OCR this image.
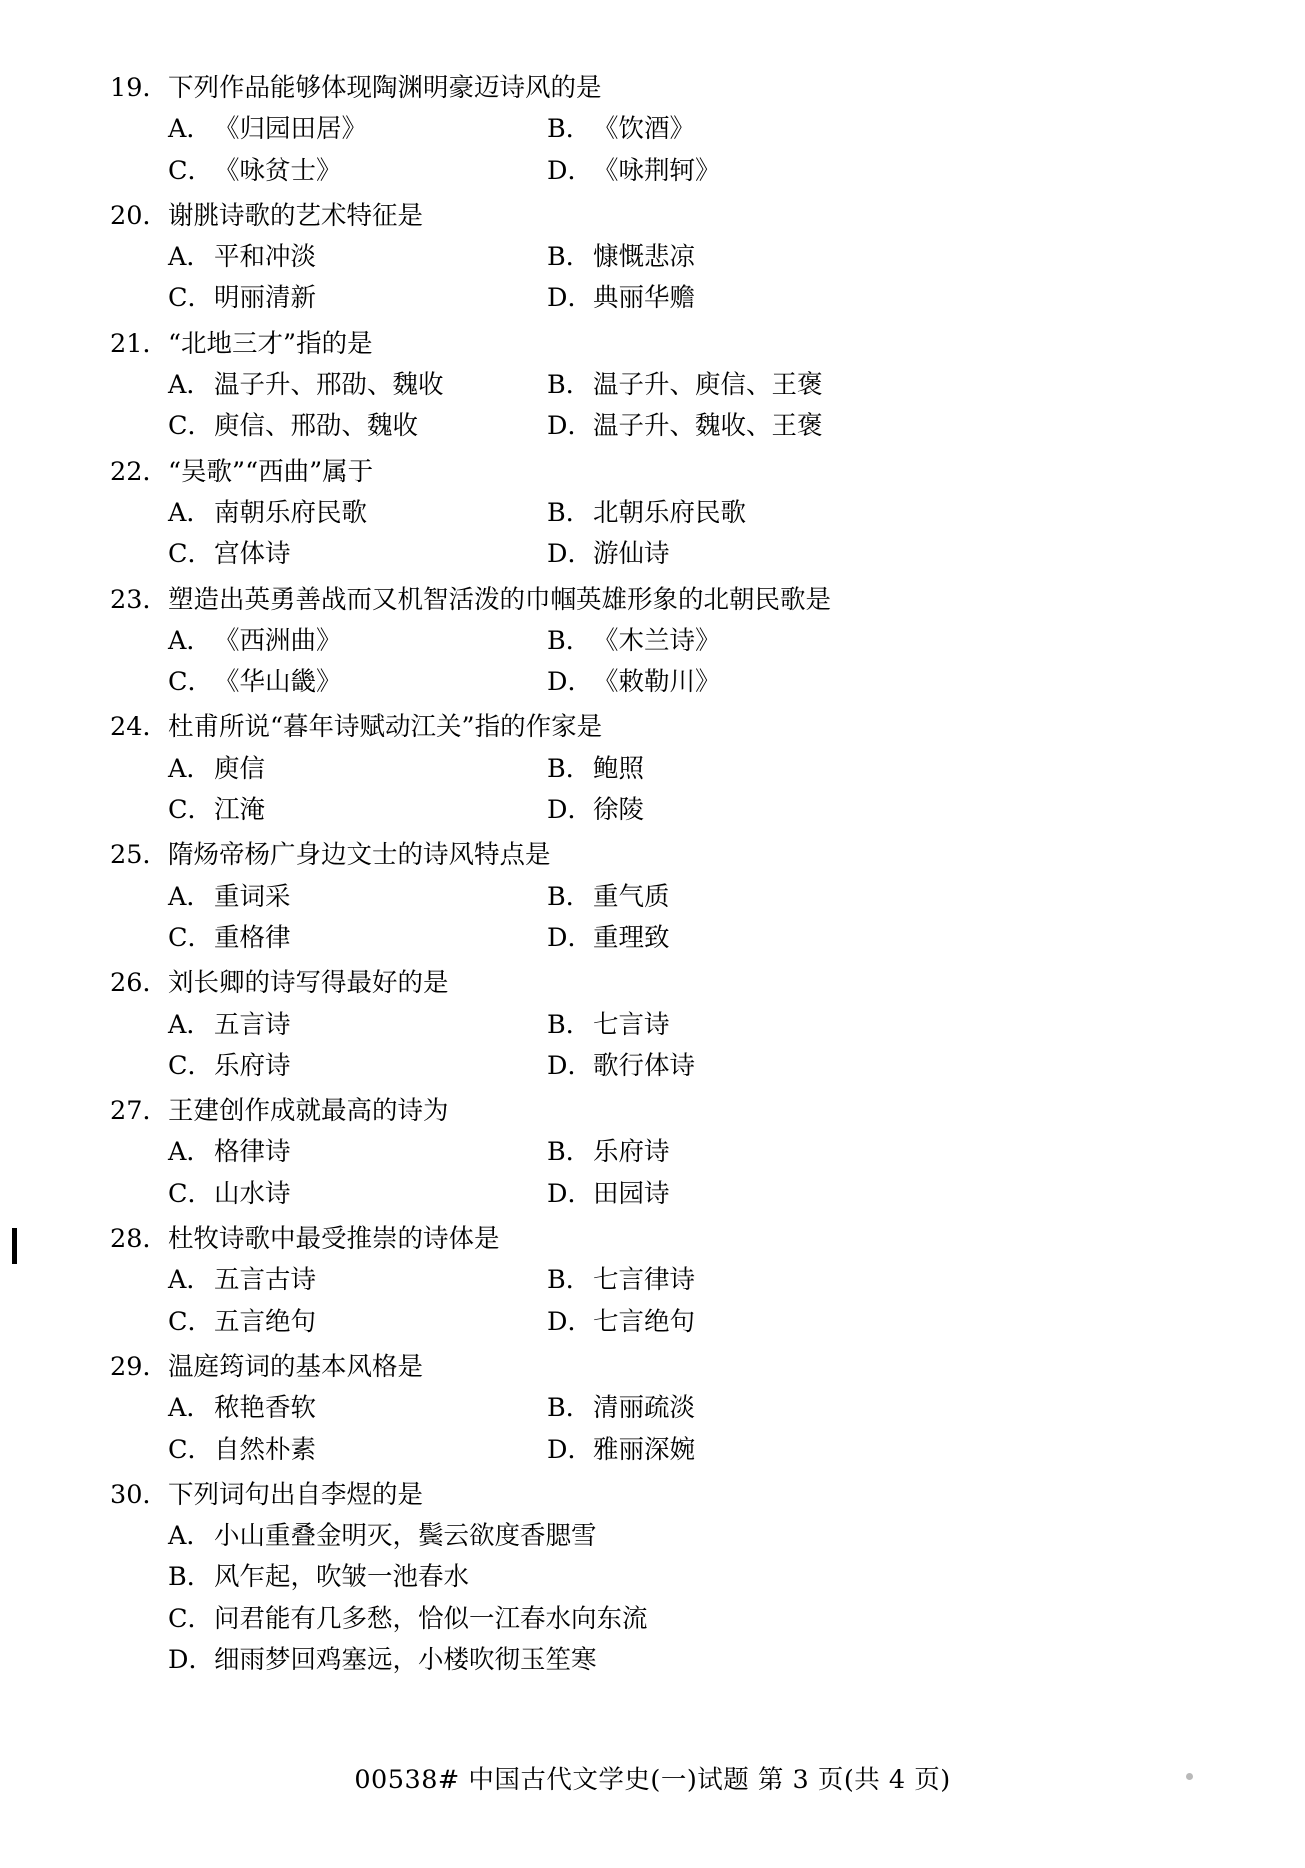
19． 下列作品能够体现陶渊明豪迈诗风的是
A． 《归园田居》	B． 《饮酒》
C． 《咏贫士》	D． 《咏荆轲》
20． 谢朓诗歌的艺术特征是
A． 平和冲淡	B． 慷慨悲凉
C． 明丽清新	D． 典丽华赡
21． “北地三才”指的是
A． 温子升、邢劭、魏收	B． 温子升、庾信、王褒
C． 庾信、邢劭、魏收	D． 温子升、魏收、王褒
22． “吴歌”“西曲”属于
A． 南朝乐府民歌	B． 北朝乐府民歌
C． 宫体诗	D． 游仙诗
23． 塑造出英勇善战而又机智活泼的巾帼英雄形象的北朝民歌是
A． 《西洲曲》	B． 《木兰诗》
C． 《华山畿》	D． 《敕勒川》
24． 杜甫所说“暮年诗赋动江关”指的作家是
A． 庾信	B． 鲍照
C． 江淹	D． 徐陵
25． 隋炀帝杨广身边文士的诗风特点是
A． 重词采	B． 重气质
C． 重格律	D． 重理致
26． 刘长卿的诗写得最好的是
A． 五言诗	B． 七言诗
C． 乐府诗	D． 歌行体诗
27． 王建创作成就最高的诗为
A． 格律诗	B． 乐府诗
C． 山水诗	D． 田园诗
28． 杜牧诗歌中最受推崇的诗体是
A． 五言古诗	B． 七言律诗
C． 五言绝句	D． 七言绝句
29． 温庭筠词的基本风格是
A． 秾艳香软	B． 清丽疏淡
C． 自然朴素	D． 雅丽深婉
30． 下列词句出自李煜的是
A． 小山重叠金明灭，鬓云欲度香腮雪
B． 风乍起，吹皱一池春水
C． 问君能有几多愁，恰似一江春水向东流
D． 细雨梦回鸡塞远，小楼吹彻玉笙寒
00538# 中国古代文学史(一)试题 第 3 页(共 4 页)
